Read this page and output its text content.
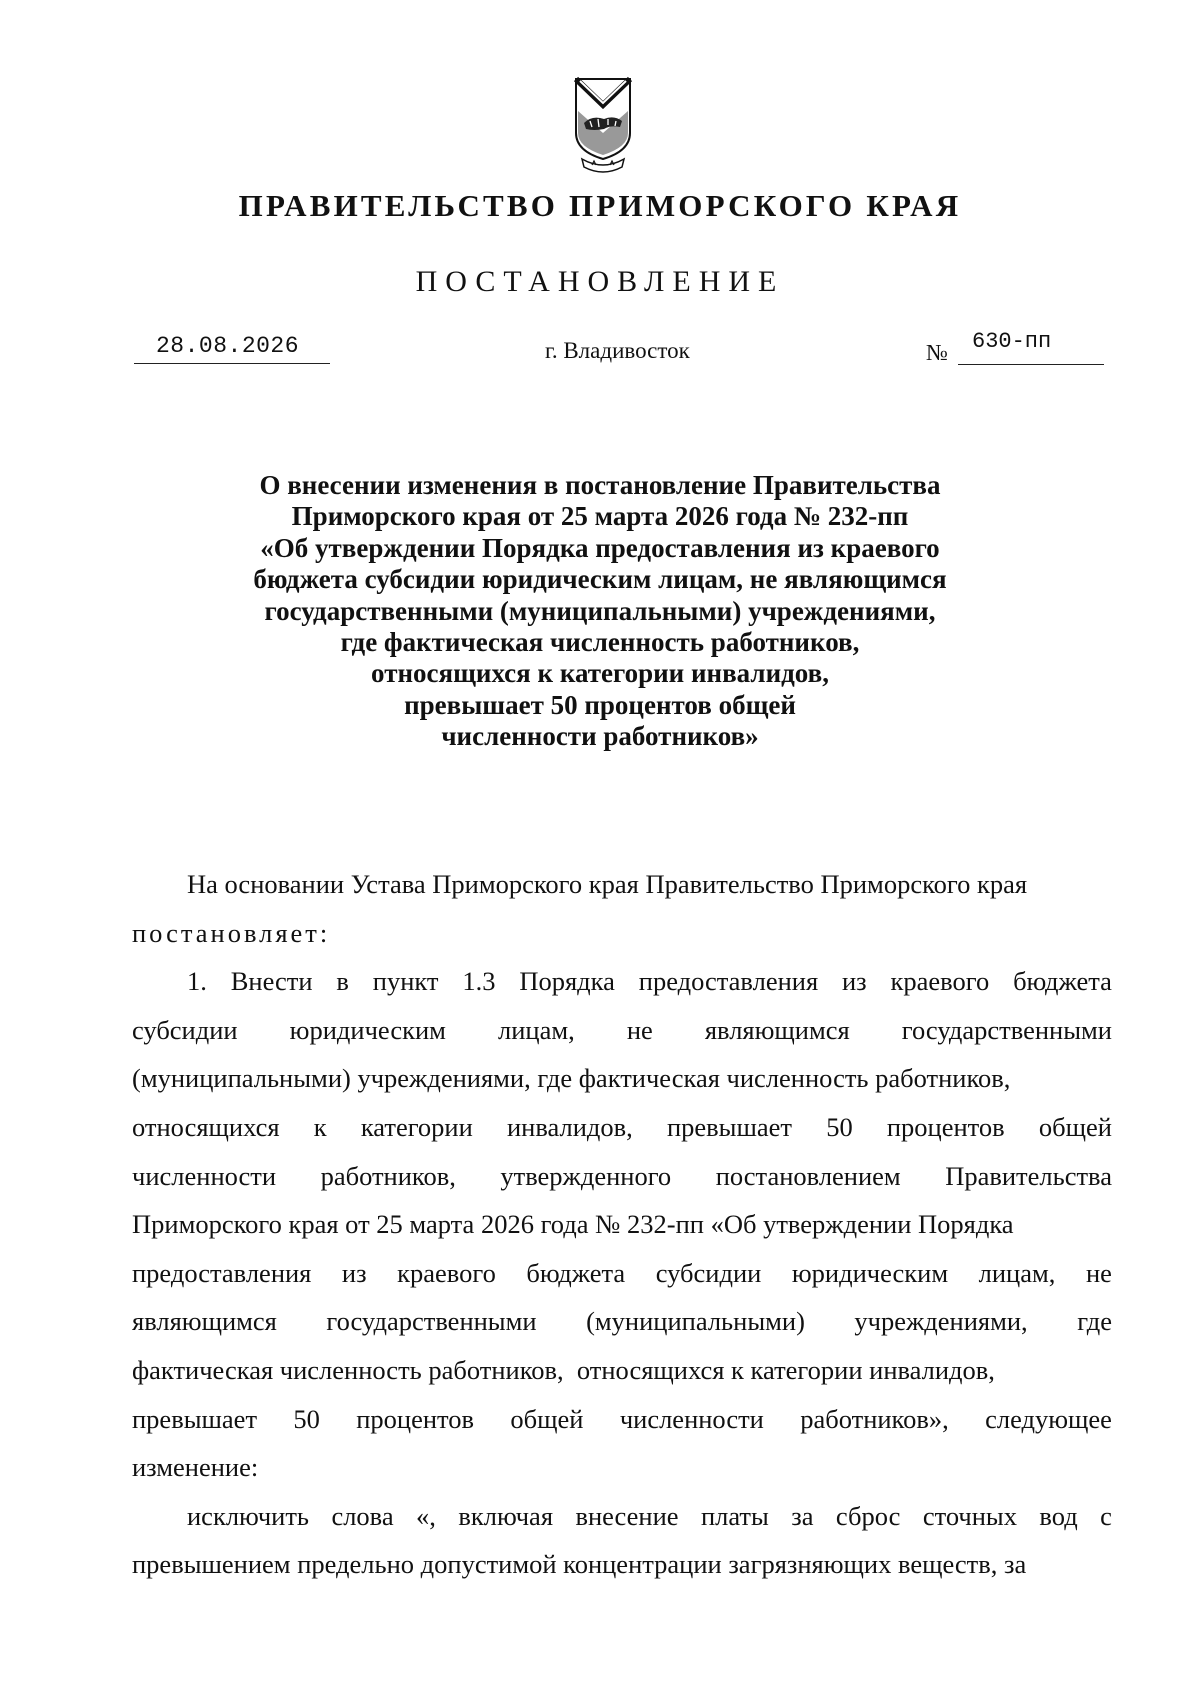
ПРАВИТЕЛЬСТВО ПРИМОРСКОГО КРАЯ
ПОСТАНОВЛЕНИЕ
28.08.2026	г. Владивосток	№ 630-пп
О внесении изменения в постановление Правительства
Приморского края от 25 марта 2026 года № 232-пп
«Об утверждении Порядка предоставления из краевого
бюджета субсидии юридическим лицам, не являющимся
государственными (муниципальными) учреждениями,
где фактическая численность работников,
относящихся к категории инвалидов,
превышает 50 процентов общей
численности работников»
На основании Устава Приморского края Правительство Приморского края
постановляет:
1. Внести в пункт 1.3 Порядка предоставления из краевого бюджета
субсидии юридическим лицам, не являющимся государственными
(муниципальными) учреждениями, где фактическая численность работников,
относящихся к категории инвалидов, превышает 50 процентов общей
численности работников, утвержденного постановлением Правительства
Приморского края от 25 марта 2026 года № 232-пп «Об утверждении Порядка
предоставления из краевого бюджета субсидии юридическим лицам, не
являющимся государственными (муниципальными) учреждениями, где
фактическая численность работников,  относящихся к категории инвалидов,
превышает 50 процентов общей численности работников», следующее
изменение:
исключить слова «, включая внесение платы за сброс сточных вод с
превышением предельно допустимой концентрации загрязняющих веществ, за
